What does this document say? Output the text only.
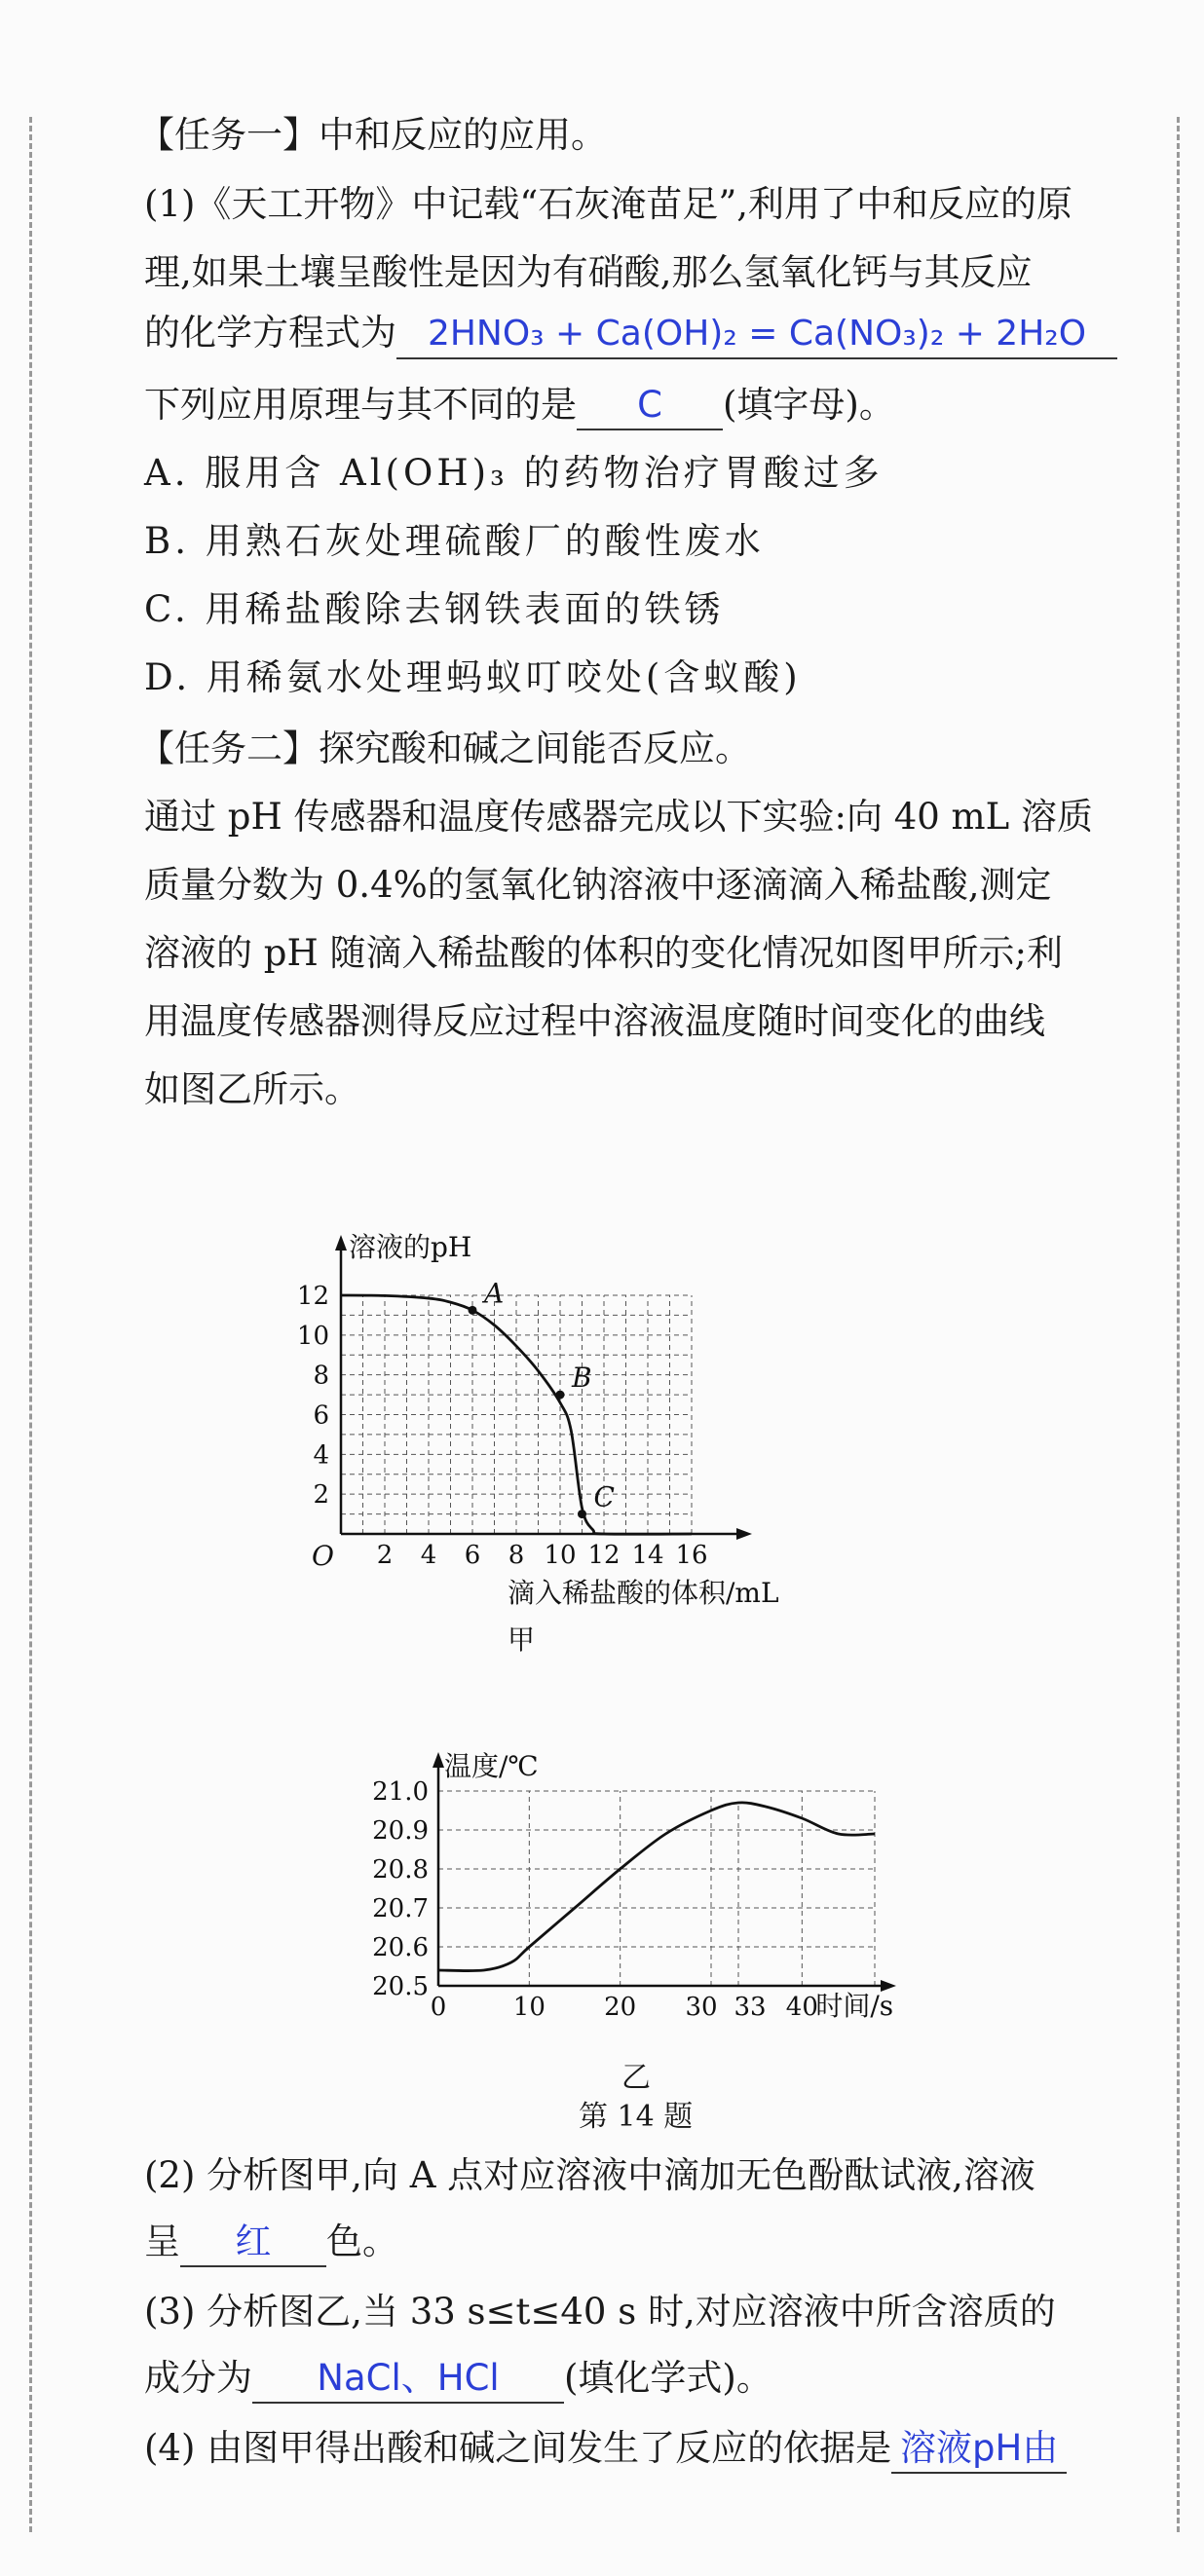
【任务一】中和反应的应用。
(1)《天工开物》中记载“石灰淹苗足”,利用了中和反应的原
理,如果土壤呈酸性是因为有硝酸,那么氢氧化钙与其反应
的化学方程式为 2HNO₃ + Ca(OH)₂ = Ca(NO₃)₂ + 2H₂O
下列应用原理与其不同的是 C (填字母)。
A. 服用含 Al(OH)₃ 的药物治疗胃酸过多
B. 用熟石灰处理硫酸厂的酸性废水
C. 用稀盐酸除去钢铁表面的铁锈
D. 用稀氨水处理蚂蚁叮咬处(含蚁酸)
【任务二】探究酸和碱之间能否反应。
通过 pH 传感器和温度传感器完成以下实验:向 40 mL 溶质
质量分数为 0.4%的氢氧化钠溶液中逐滴滴入稀盐酸,测定
溶液的 pH 随滴入稀盐酸的体积的变化情况如图甲所示;利
用温度传感器测得反应过程中溶液温度随时间变化的曲线
如图乙所示。
2 4 6 8 10 12 14 16
2
4
6
8
10
12
O
溶液的pH
滴入稀盐酸的体积/mL
甲
A
B
C
10 20 30 33 40
20.5
20.6
20.7
20.8
20.9
21.0
0
温度/℃
时间/s
乙
第 14 题
(2) 分析图甲,向 A 点对应溶液中滴加无色酚酞试液,溶液
呈 红 色。
(3) 分析图乙,当 33 s≤t≤40 s 时,对应溶液中所含溶质的
成分为 NaCl、HCl (填化学式)。
(4) 由图甲得出酸和碱之间发生了反应的依据是 溶液pH由
